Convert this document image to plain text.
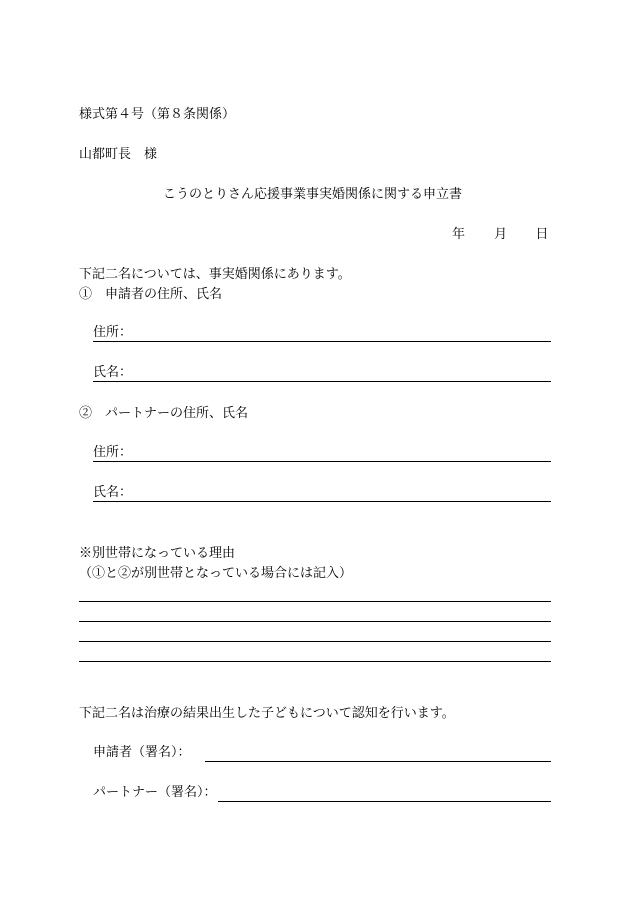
様式第４号（第８条関係）
山都町長　様
こうのとりさん応援事業事実婚関係に関する申立書
年 月 日
下記二名については、事実婚関係にあります。
①　申請者の住所、氏名
住所：
氏名：
②　パートナーの住所、氏名
住所：
氏名：
※別世帯になっている理由
（①と②が別世帯となっている場合には記入）
下記二名は治療の結果出生した子どもについて認知を行います。
申請者（署名）：
パートナー（署名）：
